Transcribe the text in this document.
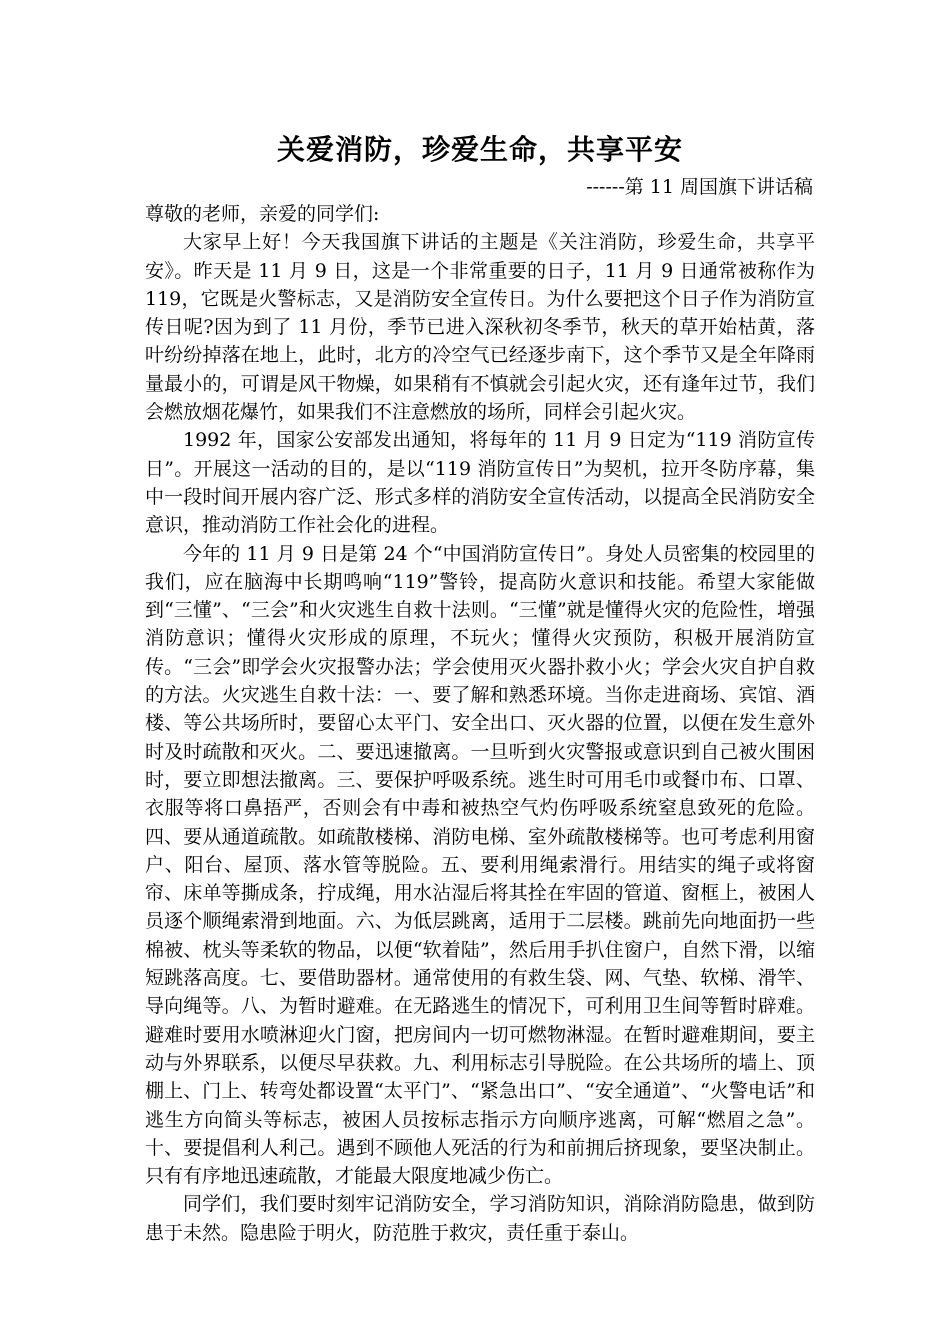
关爱消防，珍爱生命，共享平安
------第 11 周国旗下讲话稿
尊敬的老师，亲爱的同学们:

大家早上好！今天我国旗下讲话的主题是《关注消防，珍爱生命，共享平安》。昨天是 11 月 9 日，这是一个非常重要的日子，11 月 9 日通常被称作为 119，它既是火警标志，又是消防安全宣传日。为什么要把这个日子作为消防宣传日呢?因为到了 11 月份，季节已进入深秋初冬季节，秋天的草开始枯黄，落叶纷纷掉落在地上，此时，北方的冷空气已经逐步南下，这个季节又是全年降雨量最小的，可谓是风干物燥，如果稍有不慎就会引起火灾，还有逢年过节，我们会燃放烟花爆竹，如果我们不注意燃放的场所，同样会引起火灾。

1992 年，国家公安部发出通知，将每年的 11 月 9 日定为“119 消防宣传日”。开展这一活动的目的，是以“119 消防宣传日”为契机，拉开冬防序幕，集中一段时间开展内容广泛、形式多样的消防安全宣传活动，以提高全民消防安全意识，推动消防工作社会化的进程。

今年的 11 月 9 日是第 24 个“中国消防宣传日”。身处人员密集的校园里的我们，应在脑海中长期鸣响“119”警铃，提高防火意识和技能。希望大家能做到“三懂”、“三会”和火灾逃生自救十法则。“三懂”就是懂得火灾的危险性，增强消防意识；懂得火灾形成的原理，不玩火；懂得火灾预防，积极开展消防宣传。“三会”即学会火灾报警办法；学会使用灭火器扑救小火；学会火灾自护自救的方法。火灾逃生自救十法：一、要了解和熟悉环境。当你走进商场、宾馆、酒楼、等公共场所时，要留心太平门、安全出口、灭火器的位置，以便在发生意外时及时疏散和灭火。二、要迅速撤离。一旦听到火灾警报或意识到自己被火围困时，要立即想法撤离。三、要保护呼吸系统。逃生时可用毛巾或餐巾布、口罩、衣服等将口鼻捂严，否则会有中毒和被热空气灼伤呼吸系统窒息致死的危险。四、要从通道疏散。如疏散楼梯、消防电梯、室外疏散楼梯等。也可考虑利用窗户、阳台、屋顶、落水管等脱险。五、要利用绳索滑行。用结实的绳子或将窗帘、床单等撕成条，拧成绳，用水沾湿后将其拴在牢固的管道、窗框上，被困人员逐个顺绳索滑到地面。六、为低层跳离，适用于二层楼。跳前先向地面扔一些棉被、枕头等柔软的物品，以便“软着陆”，然后用手扒住窗户，自然下滑，以缩短跳落高度。七、要借助器材。通常使用的有救生袋、网、气垫、软梯、滑竿、导向绳等。八、为暂时避难。在无路逃生的情况下，可利用卫生间等暂时辟难。避难时要用水喷淋迎火门窗，把房间内一切可燃物淋湿。在暂时避难期间，要主动与外界联系，以便尽早获救。九、利用标志引导脱险。在公共场所的墙上、顶棚上、门上、转弯处都设置“太平门”、“紧急出口”、“安全通道”、“火警电话”和逃生方向简头等标志，被困人员按标志指示方向顺序逃离，可解“燃眉之急”。十、要提倡利人利己。遇到不顾他人死活的行为和前拥后挤现象，要坚决制止。只有有序地迅速疏散，才能最大限度地减少伤亡。

同学们，我们要时刻牢记消防安全，学习消防知识，消除消防隐患，做到防患于未然。隐患险于明火，防范胜于救灾，责任重于泰山。
